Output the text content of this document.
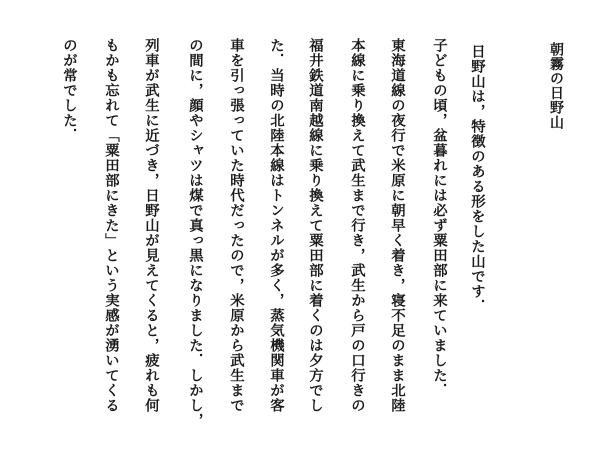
朝霧の日野山
日野山は，特徴のある形をした山です．
子どもの頃，盆暮れには必ず粟田部に来ていました．
東海道線の夜行で米原に朝早く着き，寝不足のまま北陸
本線に乗り換えて武生まで行き，武生から戸の口行きの
福井鉄道南越線に乗り換えて粟田部に着くのは夕方でし
た．当時の北陸本線はトンネルが多く，蒸気機関車が客
車を引っ張っていた時代だったので，米原から武生まで
の間に，顔やシャツは煤で真っ黒になりました．しかし，
列車が武生に近づき，日野山が見えてくると，疲れも何
もかも忘れて「粟田部にきた」という実感が湧いてくる
のが常でした．
